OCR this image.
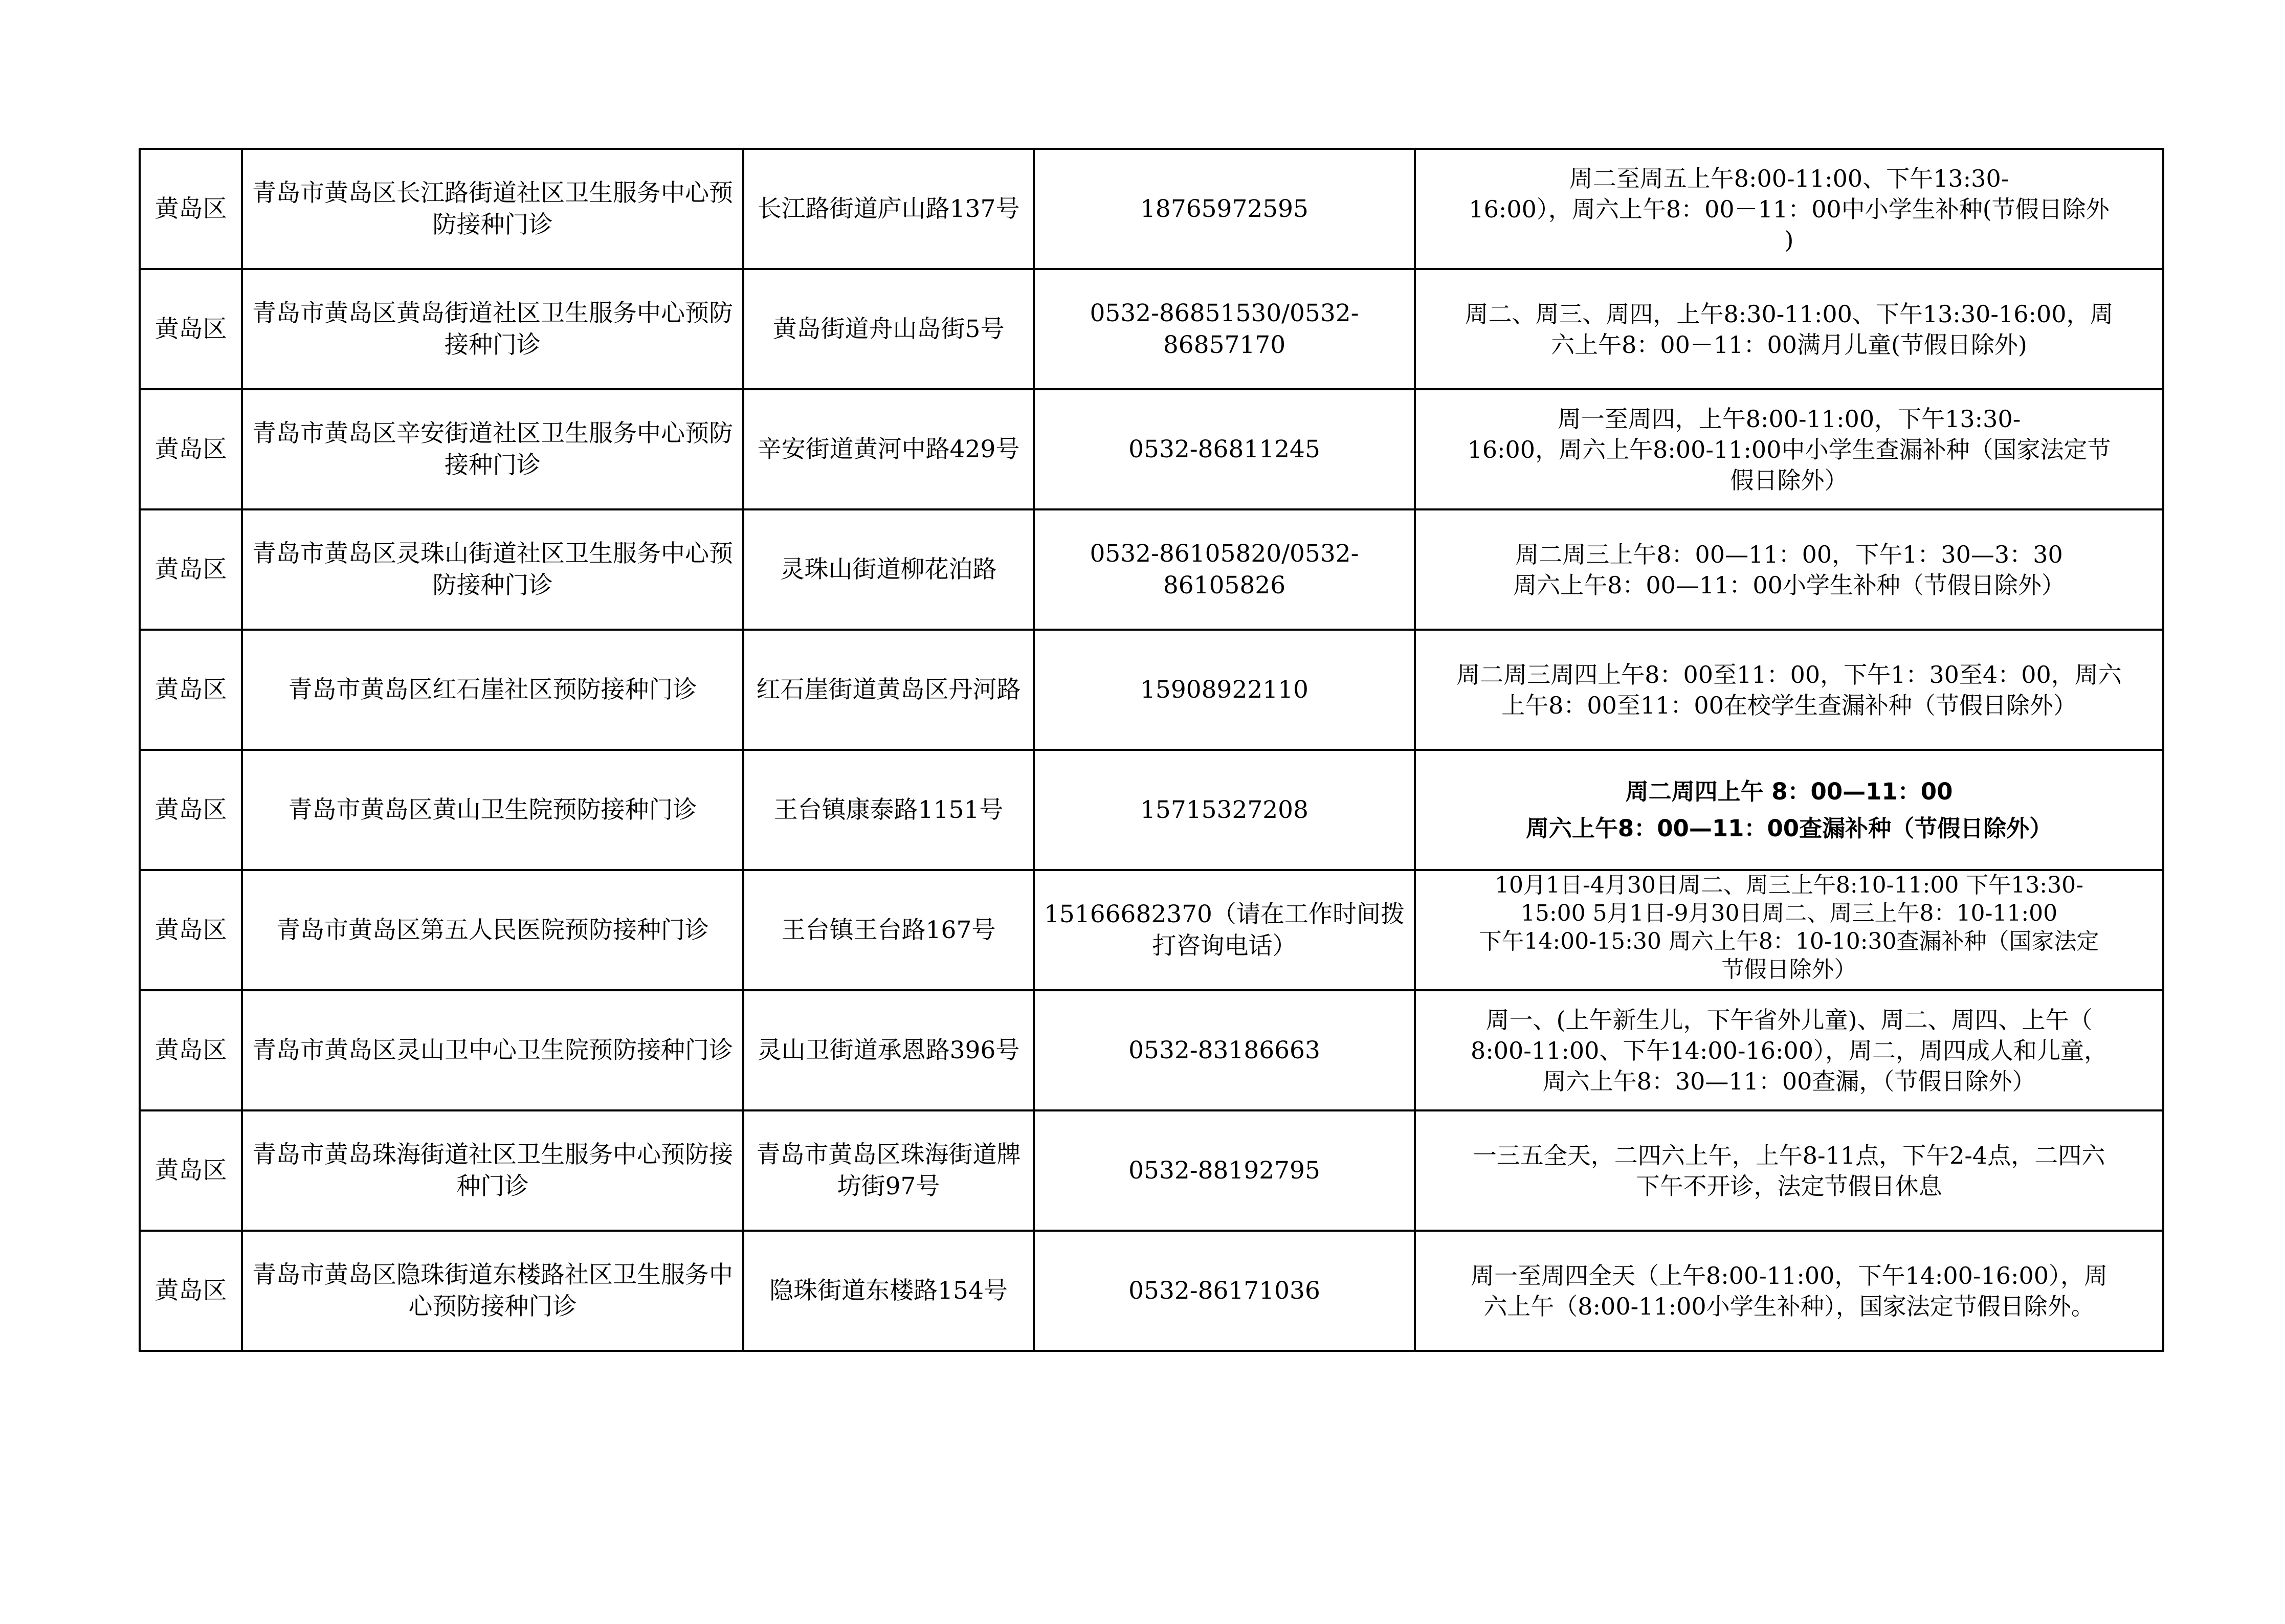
黄岛区	青岛市黄岛区长江路街道社区卫生服务中心预防接种门诊	长江路街道庐山路137号	18765972595	周二至周五上午8:00-11:00、下午13:30-
16:00），周六上午8：00－11：00中小学生补种(节假日除外
)

黄岛区	青岛市黄岛区黄岛街道社区卫生服务中心预防接种门诊	黄岛街道舟山岛街5号	0532-86851530/0532-86857170	周二、周三、周四，上午8:30-11:00、下午13:30-16:00，周
六上午8：00－11：00满月儿童(节假日除外)

黄岛区	青岛市黄岛区辛安街道社区卫生服务中心预防接种门诊	辛安街道黄河中路429号	0532-86811245	周一至周四，上午8:00-11:00，下午13:30-
16:00，周六上午8:00-11:00中小学生查漏补种（国家法定节
假日除外）

黄岛区	青岛市黄岛区灵珠山街道社区卫生服务中心预防接种门诊	灵珠山街道柳花泊路	0532-86105820/0532-86105826	周二周三上午8：00—11：00，下午1：30—3：30
周六上午8：00—11：00小学生补种（节假日除外）

黄岛区	青岛市黄岛区红石崖社区预防接种门诊	红石崖街道黄岛区丹河路	15908922110	周二周三周四上午8：00至11：00，下午1：30至4：00，周六
上午8：00至11：00在校学生查漏补种（节假日除外）

黄岛区	青岛市黄岛区黄山卫生院预防接种门诊	王台镇康泰路1151号	15715327208	周二周四上午 8：00—11：00
周六上午8：00—11：00查漏补种（节假日除外）

黄岛区	青岛市黄岛区第五人民医院预防接种门诊	王台镇王台路167号	15166682370（请在工作时间拨打咨询电话）	10月1日-4月30日周二、周三上午8:10-11:00 下午13:30-
15:00 5月1日-9月30日周二、周三上午8：10-11:00
下午14:00-15:30 周六上午8：10-10:30查漏补种（国家法定
节假日除外）

黄岛区	青岛市黄岛区灵山卫中心卫生院预防接种门诊	灵山卫街道承恩路396号	0532-83186663	周一、(上午新生儿，下午省外儿童)、周二、周四、上午（
8:00-11:00、下午14:00-16:00），周二，周四成人和儿童，
周六上午8：30—11：00查漏，（节假日除外）

黄岛区	青岛市黄岛珠海街道社区卫生服务中心预防接种门诊	青岛市黄岛区珠海街道牌坊街97号	0532-88192795	一三五全天，二四六上午，上午8-11点，下午2-4点，二四六
下午不开诊，法定节假日休息

黄岛区	青岛市黄岛区隐珠街道东楼路社区卫生服务中心预防接种门诊	隐珠街道东楼路154号	0532-86171036	周一至周四全天（上午8:00-11:00，下午14:00-16:00），周
六上午（8:00-11:00小学生补种），国家法定节假日除外。
